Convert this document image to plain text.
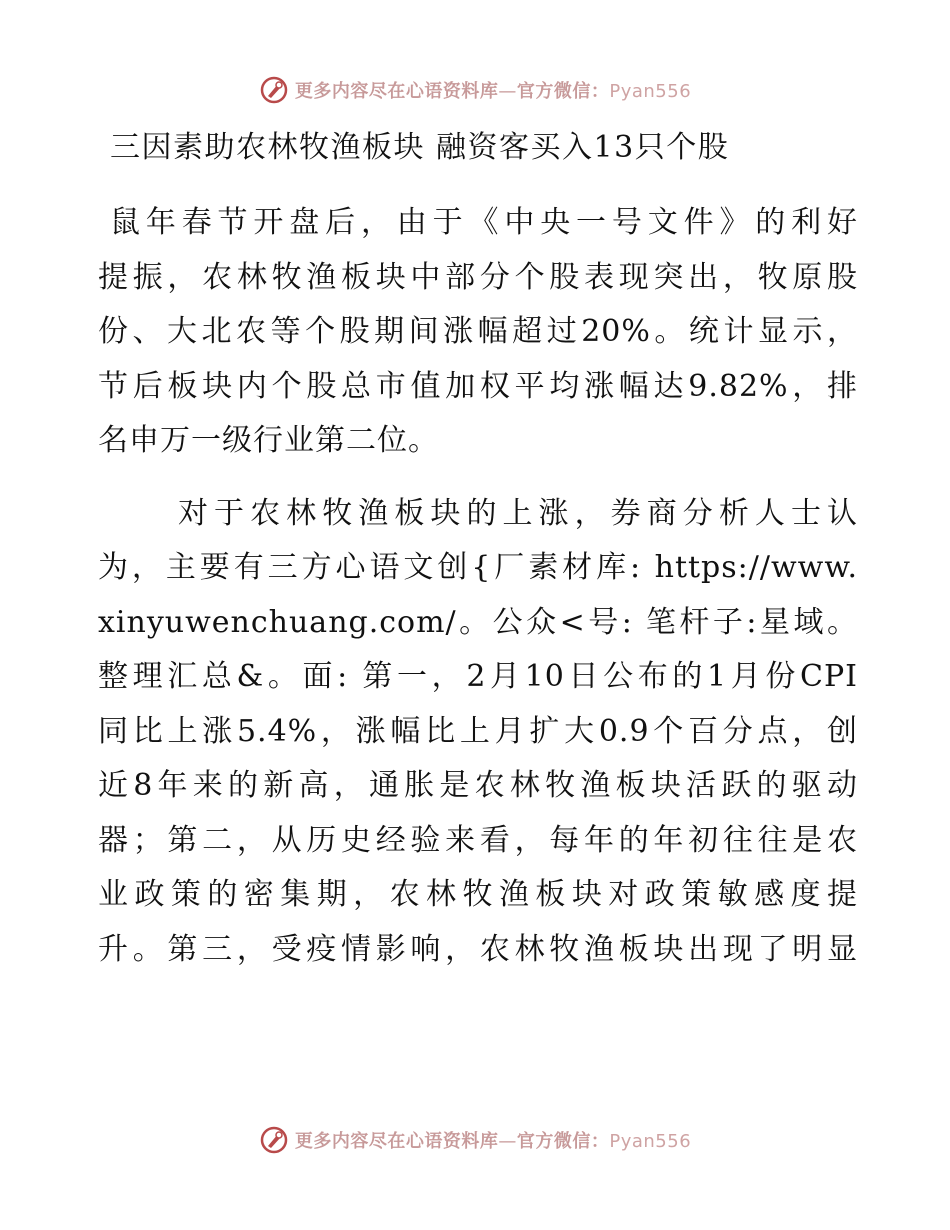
更多内容尽在心语资料库—官方微信：Pyan556
三因素助农林牧渔板块 融资客买入13只个股
鼠年春节开盘后，由于《中央一号文件》的利好
提振，农林牧渔板块中部分个股表现突出，牧原股
份、大北农等个股期间涨幅超过20%。统计显示，
节后板块内个股总市值加权平均涨幅达9.82%，排
名申万一级行业第二位。
对于农林牧渔板块的上涨，券商分析人士认
为，主要有三方心语文创{厂素材库: https://www.
xinyuwenchuang.com/。公众<号: 笔杆子:星域。
整理汇总&。面: 第一，2月10日公布的1月份CPI
同比上涨5.4%，涨幅比上月扩大0.9个百分点，创
近8年来的新高，通胀是农林牧渔板块活跃的驱动
器；第二，从历史经验来看，每年的年初往往是农
业政策的密集期，农林牧渔板块对政策敏感度提
升。第三，受疫情影响，农林牧渔板块出现了明显
更多内容尽在心语资料库—官方微信：Pyan556
